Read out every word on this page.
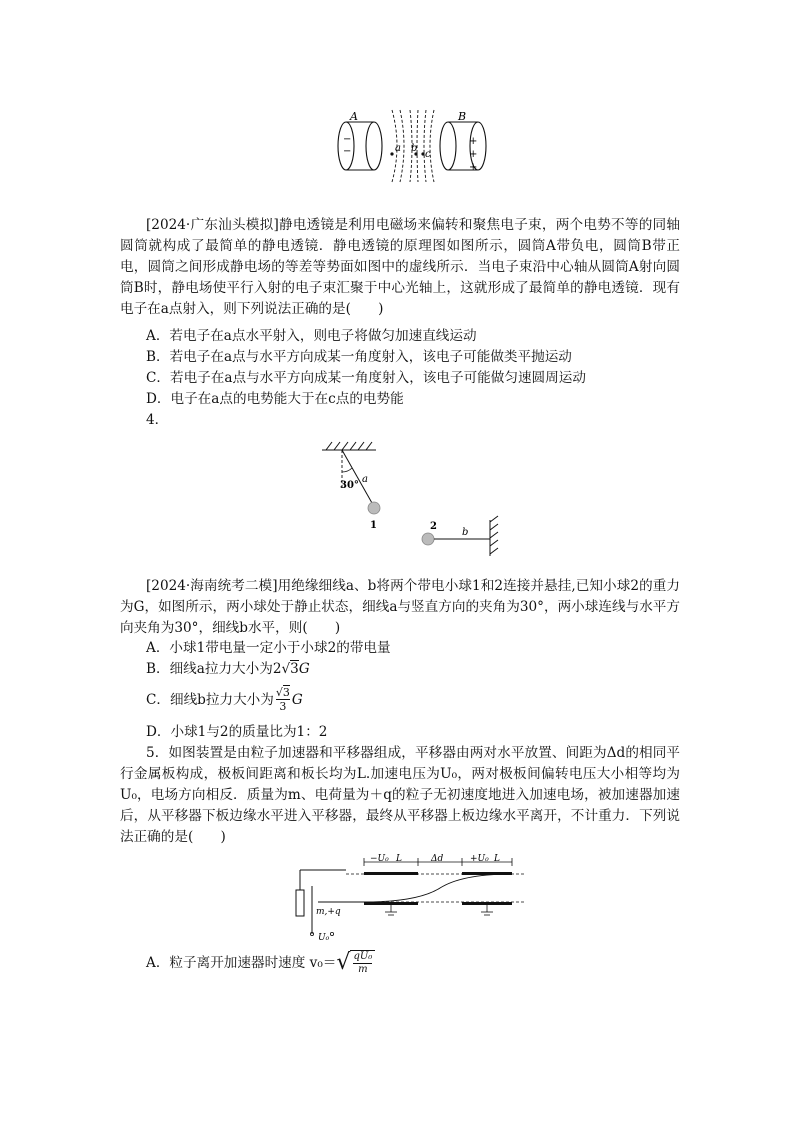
A
−
−
B
+
+
+
a b
c
[2024·广东汕头模拟]静电透镜是利用电磁场来偏转和聚焦电子束，两个电势不等的同轴圆筒就构成了最简单的静电透镜．静电透镜的原理图如图所示，圆筒A带负电，圆筒B带正电，圆筒之间形成静电场的等差等势面如图中的虚线所示．当电子束沿中心轴从圆筒A射向圆筒B时，静电场使平行入射的电子束汇聚于中心光轴上，这就形成了最简单的静电透镜．现有电子在a点射入，则下列说法正确的是(　　)
A．若电子在a点水平射入，则电子将做匀加速直线运动
B．若电子在a点与水平方向成某一角度射入，该电子可能做类平抛运动
C．若电子在a点与水平方向成某一角度射入，该电子可能做匀速圆周运动
D．电子在a点的电势能大于在c点的电势能
4．
30°
a
1	2
b
[2024·海南统考二模]用绝缘细线a、b将两个带电小球1和2连接并悬挂,已知小球2的重力为G，如图所示，两小球处于静止状态，细线a与竖直方向的夹角为30°，两小球连线与水平方向夹角为30°，细线b水平，则(　　)
A．小球1带电量一定小于小球2的带电量
B．细线a拉力大小为2√3G
C．细线b拉力大小为 $\frac{√3}{3}$ G
D．小球1与2的质量比为1：2
5．如图装置是由粒子加速器和平移器组成，平移器由两对水平放置、间距为Δd的相同平行金属板构成，极板间距离和板长均为L.加速电压为U₀，两对极板间偏转电压大小相等均为U₀，电场方向相反．质量为m、电荷量为＋q的粒子无初速度地进入加速电场，被加速器加速后，从平移器下板边缘水平进入平移器，最终从平移器上板边缘水平离开，不计重力．下列说法正确的是(　　)
−U₀ L	Δd	+U₀ L
m,+q
U₀
A．粒子离开加速器时速度 v₀＝ √ $\frac{\text{qU₀}}{m}$
